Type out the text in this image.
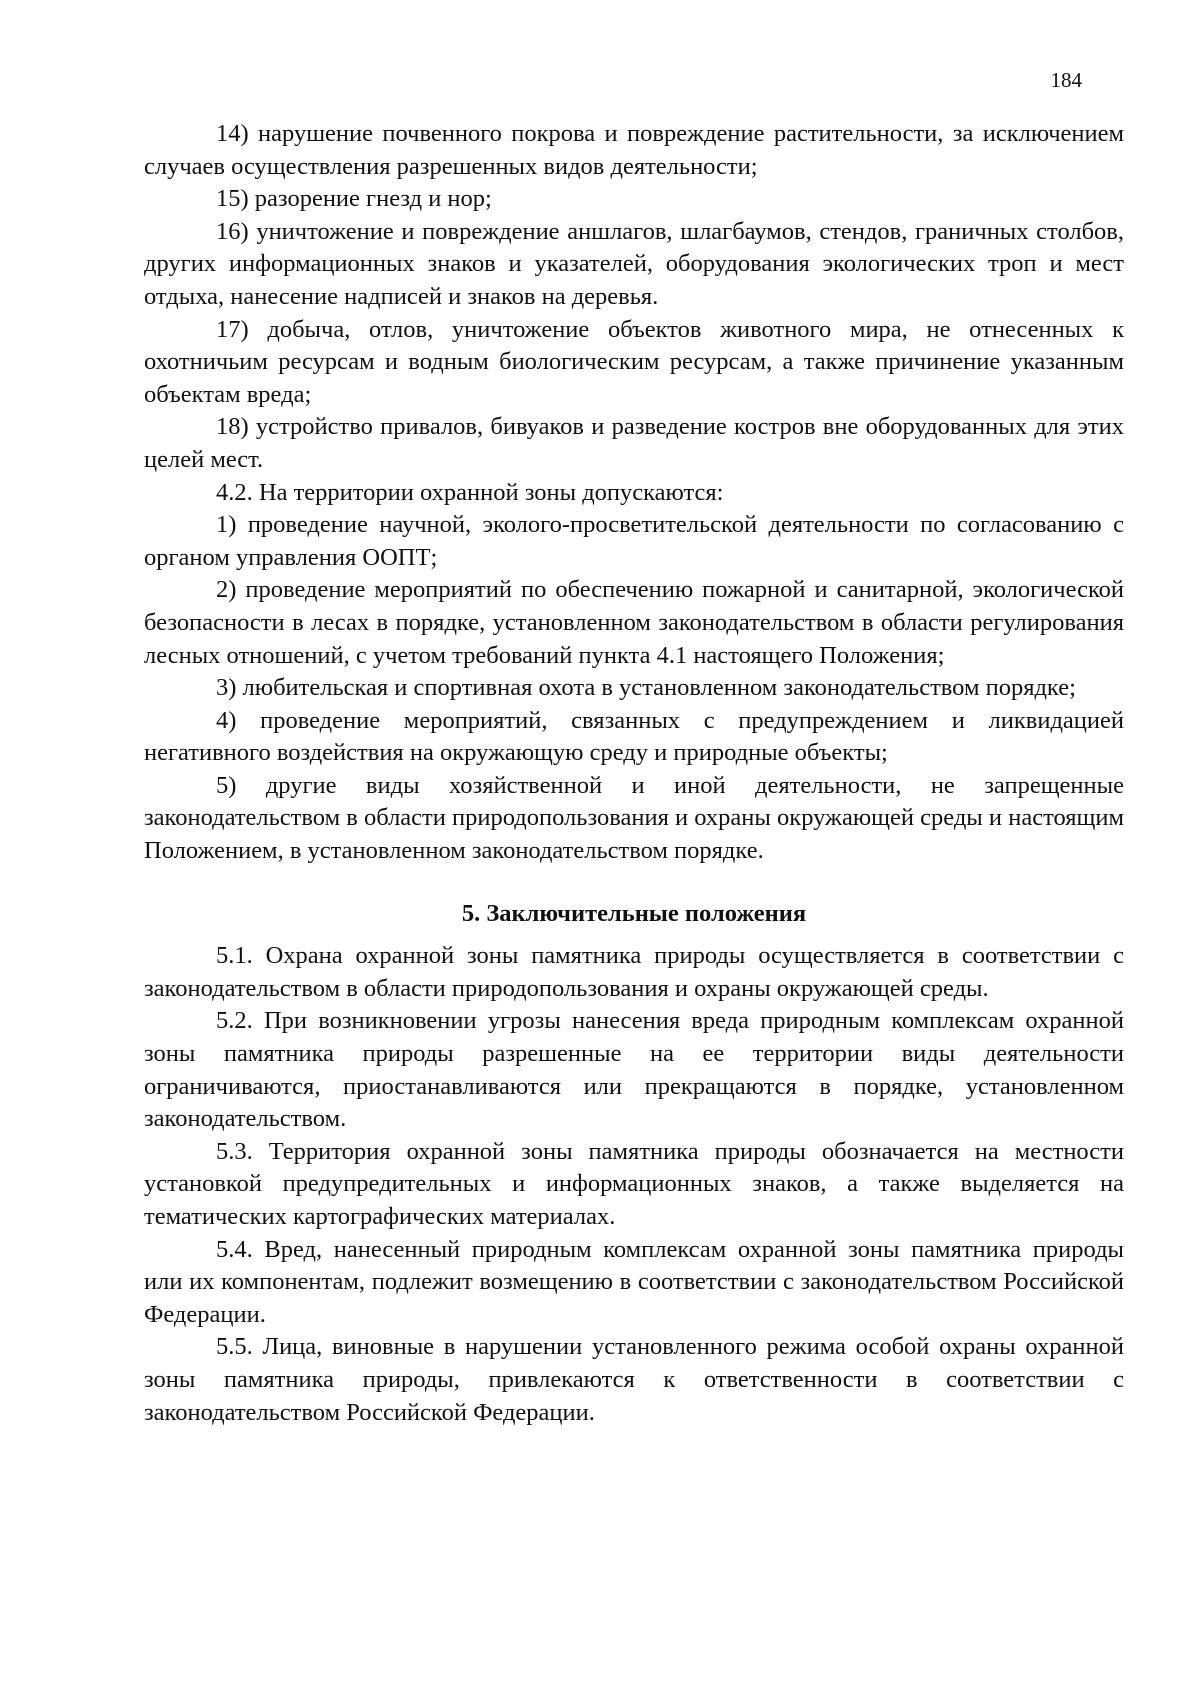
184

14) нарушение почвенного покрова и повреждение растительности, за исключением случаев осуществления разрешенных видов деятельности;

15) разорение гнезд и нор;

16) уничтожение и повреждение аншлагов, шлагбаумов, стендов, граничных столбов, других информационных знаков и указателей, оборудования экологических троп и мест отдыха, нанесение надписей и знаков на деревья.

17) добыча, отлов, уничтожение объектов животного мира, не отнесенных к охотничьим ресурсам и водным биологическим ресурсам, а также причинение указанным объектам вреда;

18) устройство привалов, бивуаков и разведение костров вне оборудованных для этих целей мест.

4.2. На территории охранной зоны допускаются:

1) проведение научной, эколого-просветительской деятельности по согласованию с органом управления ООПТ;

2) проведение мероприятий по обеспечению пожарной и санитарной, экологической безопасности в лесах в порядке, установленном законодательством в области регулирования лесных отношений, с учетом требований пункта 4.1 настоящего Положения;

3) любительская и спортивная охота в установленном законодательством порядке;

4) проведение мероприятий, связанных с предупреждением и ликвидацией негативного воздействия на окружающую среду и природные объекты;

5) другие виды хозяйственной и иной деятельности, не запрещенные законодательством в области природопользования и охраны окружающей среды и настоящим Положением, в установленном законодательством порядке.

5. Заключительные положения

5.1. Охрана охранной зоны памятника природы осуществляется в соответствии с законодательством в области природопользования и охраны окружающей среды.

5.2. При возникновении угрозы нанесения вреда природным комплексам охранной зоны памятника природы разрешенные на ее территории виды деятельности ограничиваются, приостанавливаются или прекращаются в порядке, установленном законодательством.

5.3. Территория охранной зоны памятника природы обозначается на местности установкой предупредительных и информационных знаков, а также выделяется на тематических картографических материалах.

5.4. Вред, нанесенный природным комплексам охранной зоны памятника природы или их компонентам, подлежит возмещению в соответствии с законодательством Российской Федерации.

5.5. Лица, виновные в нарушении установленного режима особой охраны охранной зоны памятника природы, привлекаются к ответственности в соответствии с законодательством Российской Федерации.
